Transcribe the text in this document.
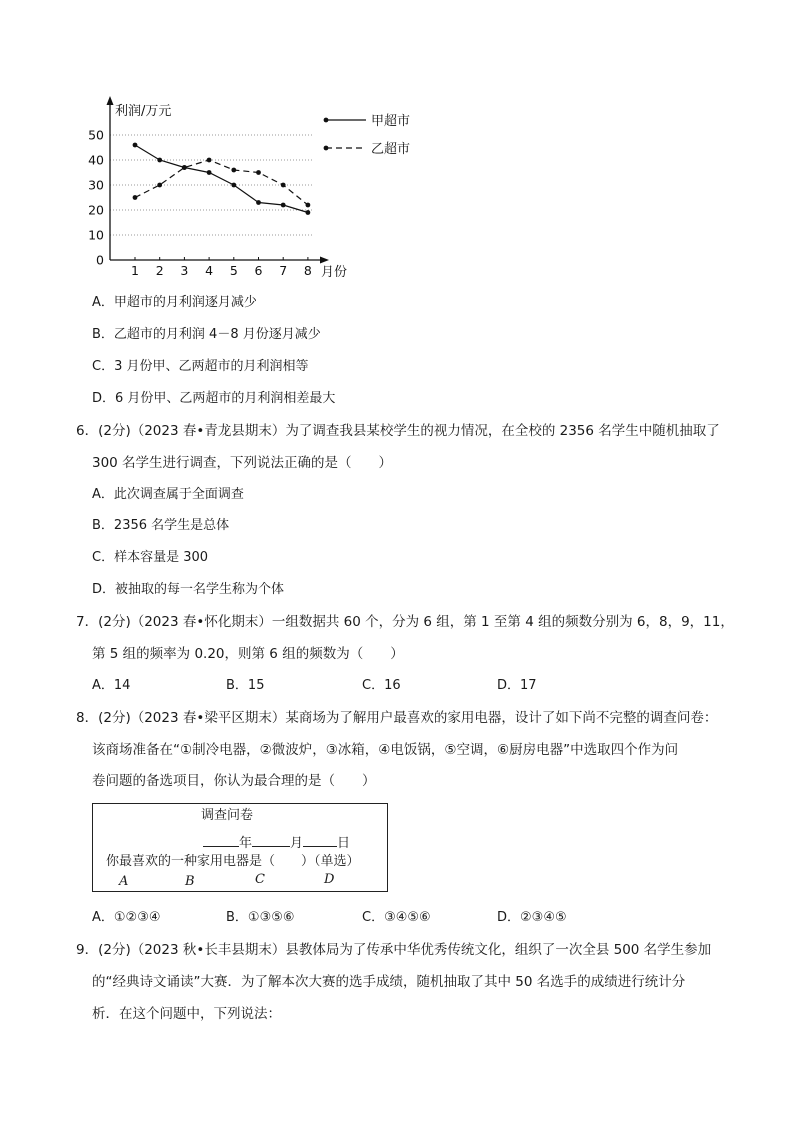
利润/万元
月份
0
10
20
30
40
50
1 2 3 4 5 6 7 8
甲超市
乙超市
A．甲超市的月利润逐月减少
B．乙超市的月利润 4－8 月份逐月减少
C．3 月份甲、乙两超市的月利润相等
D．6 月份甲、乙两超市的月利润相差最大
6．(2分)（2023 春•青龙县期末）为了调查我县某校学生的视力情况，在全校的 2356 名学生中随机抽取了
300 名学生进行调查，下列说法正确的是（　　）
A．此次调查属于全面调查
B．2356 名学生是总体
C．样本容量是 300
D．被抽取的每一名学生称为个体
7．(2分)（2023 春•怀化期末）一组数据共 60 个，分为 6 组，第 1 至第 4 组的频数分别为 6，8，9，11，
第 5 组的频率为 0.20，则第 6 组的频数为（　　）
A．14	B．15	C．16	D．17
8．(2分)（2023 春•梁平区期末）某商场为了解用户最喜欢的家用电器，设计了如下尚不完整的调查问卷：
该商场准备在“①制冷电器，②微波炉，③冰箱，④电饭锅，⑤空调，⑥厨房电器”中选取四个作为问
卷问题的备选项目，你认为最合理的是（　　）
调查问卷
年	月	日
你最喜欢的一种家用电器是（　　）（单选）
A	B	C	D
A．①②③④	B．①③⑤⑥	C．③④⑤⑥	D．②③④⑤
9．(2分)（2023 秋•长丰县期末）县教体局为了传承中华优秀传统文化，组织了一次全县 500 名学生参加
的“经典诗文诵读”大赛．为了解本次大赛的选手成绩，随机抽取了其中 50 名选手的成绩进行统计分
析．在这个问题中，下列说法：
